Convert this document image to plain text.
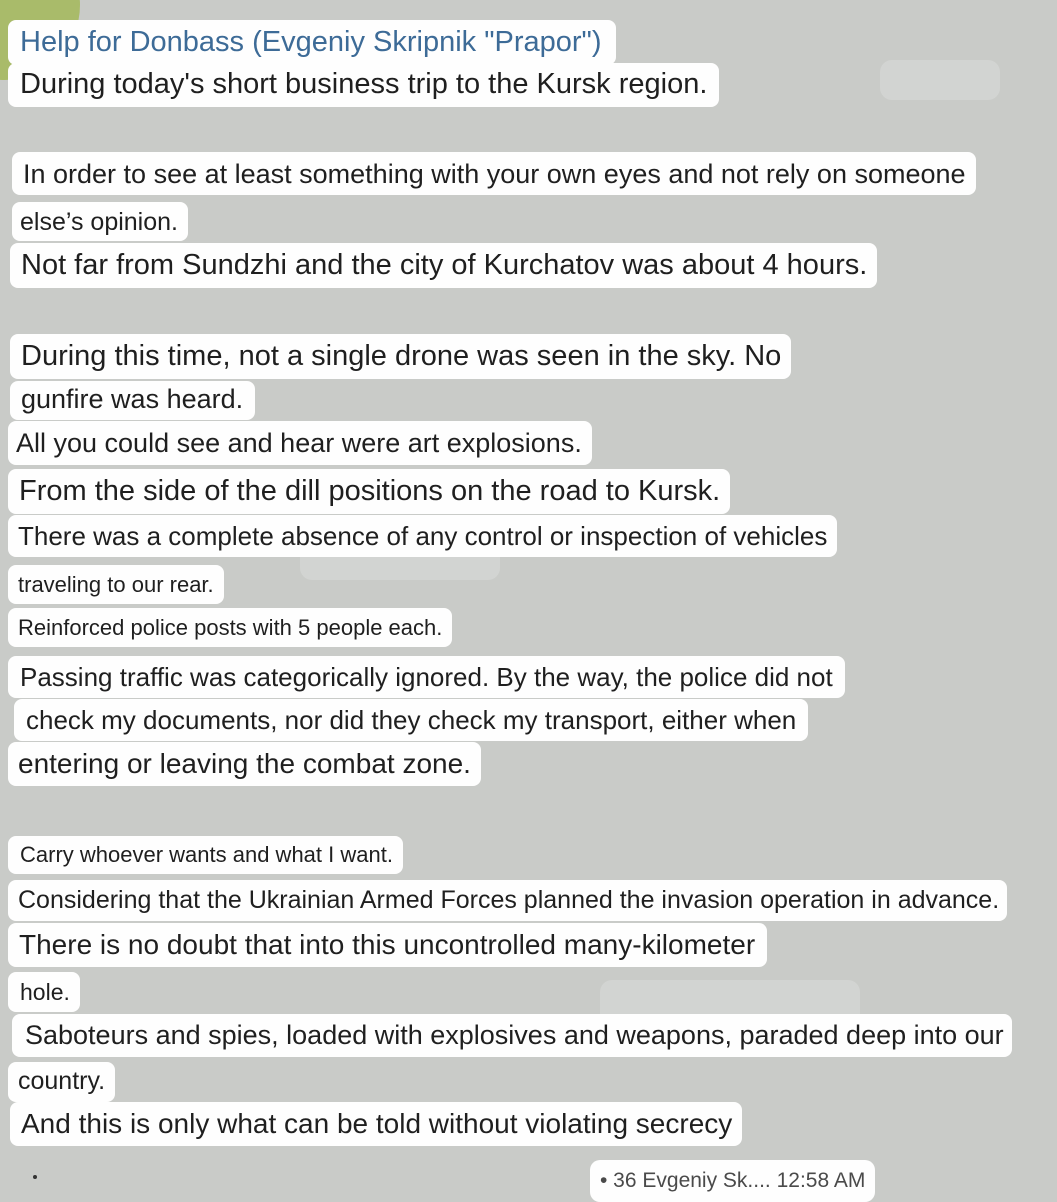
Help for Donbass (Evgeniy Skripnik "Prapor")
During today's short business trip to the Kursk region.
In order to see at least something with your own eyes and not rely on someone
else’s opinion.
Not far from Sundzhi and the city of Kurchatov was about 4 hours.
During this time, not a single drone was seen in the sky. No
gunfire was heard.
All you could see and hear were art explosions.
From the side of the dill positions on the road to Kursk.
There was a complete absence of any control or inspection of vehicles
traveling to our rear.
Reinforced police posts with 5 people each.
Passing traffic was categorically ignored. By the way, the police did not
check my documents, nor did they check my transport, either when
entering or leaving the combat zone.
Carry whoever wants and what I want.
Considering that the Ukrainian Armed Forces planned the invasion operation in advance.
There is no doubt that into this uncontrolled many-kilometer
hole.
Saboteurs and spies, loaded with explosives and weapons, paraded deep into our
country.
And this is only what can be told without violating secrecy
• 36 Evgeniy Sk.... 12:58 AM
